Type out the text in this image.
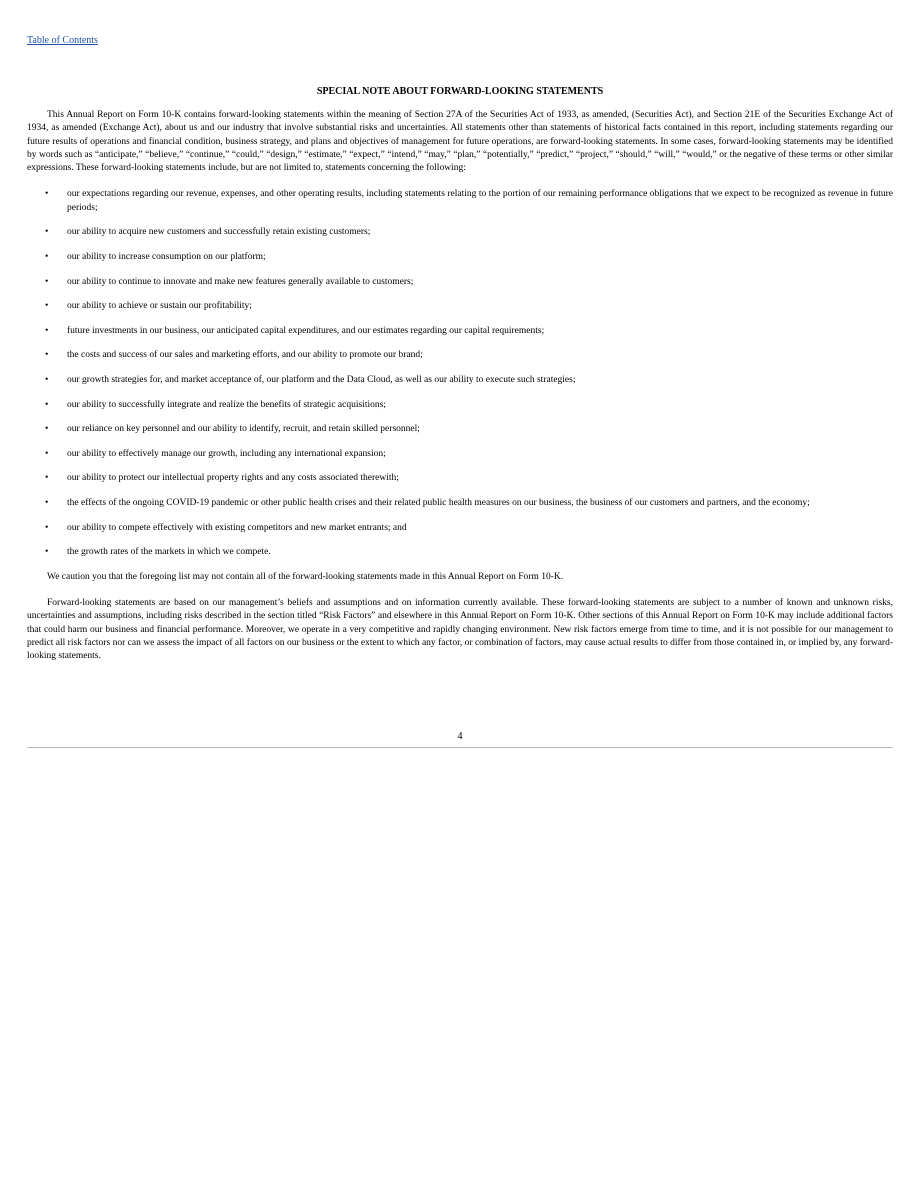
Table of Contents
SPECIAL NOTE ABOUT FORWARD-LOOKING STATEMENTS

This Annual Report on Form 10-K contains forward-looking statements within the meaning of Section 27A of the Securities Act of 1933, as amended, (Securities Act), and Section 21E of the Securities Exchange Act of 1934, as amended (Exchange Act), about us and our industry that involve substantial risks and uncertainties. All statements other than statements of historical facts contained in this report, including statements regarding our future results of operations and financial condition, business strategy, and plans and objectives of management for future operations, are forward-looking statements. In some cases, forward-looking statements may be identified by words such as “anticipate,” “believe,” “continue,” “could,” “design,” “estimate,” “expect,” “intend,” “may,” “plan,” “potentially,” “predict,” “project,” “should,” “will,” “would,” or the negative of these terms or other similar expressions. These forward-looking statements include, but are not limited to, statements concerning the following:

• our expectations regarding our revenue, expenses, and other operating results, including statements relating to the portion of our remaining performance obligations that we expect to be recognized as revenue in future periods;
• our ability to acquire new customers and successfully retain existing customers;
• our ability to increase consumption on our platform;
• our ability to continue to innovate and make new features generally available to customers;
• our ability to achieve or sustain our profitability;
• future investments in our business, our anticipated capital expenditures, and our estimates regarding our capital requirements;
• the costs and success of our sales and marketing efforts, and our ability to promote our brand;
• our growth strategies for, and market acceptance of, our platform and the Data Cloud, as well as our ability to execute such strategies;
• our ability to successfully integrate and realize the benefits of strategic acquisitions;
• our reliance on key personnel and our ability to identify, recruit, and retain skilled personnel;
• our ability to effectively manage our growth, including any international expansion;
• our ability to protect our intellectual property rights and any costs associated therewith;
• the effects of the ongoing COVID-19 pandemic or other public health crises and their related public health measures on our business, the business of our customers and partners, and the economy;
• our ability to compete effectively with existing competitors and new market entrants; and
• the growth rates of the markets in which we compete.

We caution you that the foregoing list may not contain all of the forward-looking statements made in this Annual Report on Form 10-K.

Forward-looking statements are based on our management’s beliefs and assumptions and on information currently available. These forward-looking statements are subject to a number of known and unknown risks, uncertainties and assumptions, including risks described in the section titled “Risk Factors” and elsewhere in this Annual Report on Form 10-K. Other sections of this Annual Report on Form 10-K may include additional factors that could harm our business and financial performance. Moreover, we operate in a very competitive and rapidly changing environment. New risk factors emerge from time to time, and it is not possible for our management to predict all risk factors nor can we assess the impact of all factors on our business or the extent to which any factor, or combination of factors, may cause actual results to differ from those contained in, or implied by, any forward-looking statements.

4
